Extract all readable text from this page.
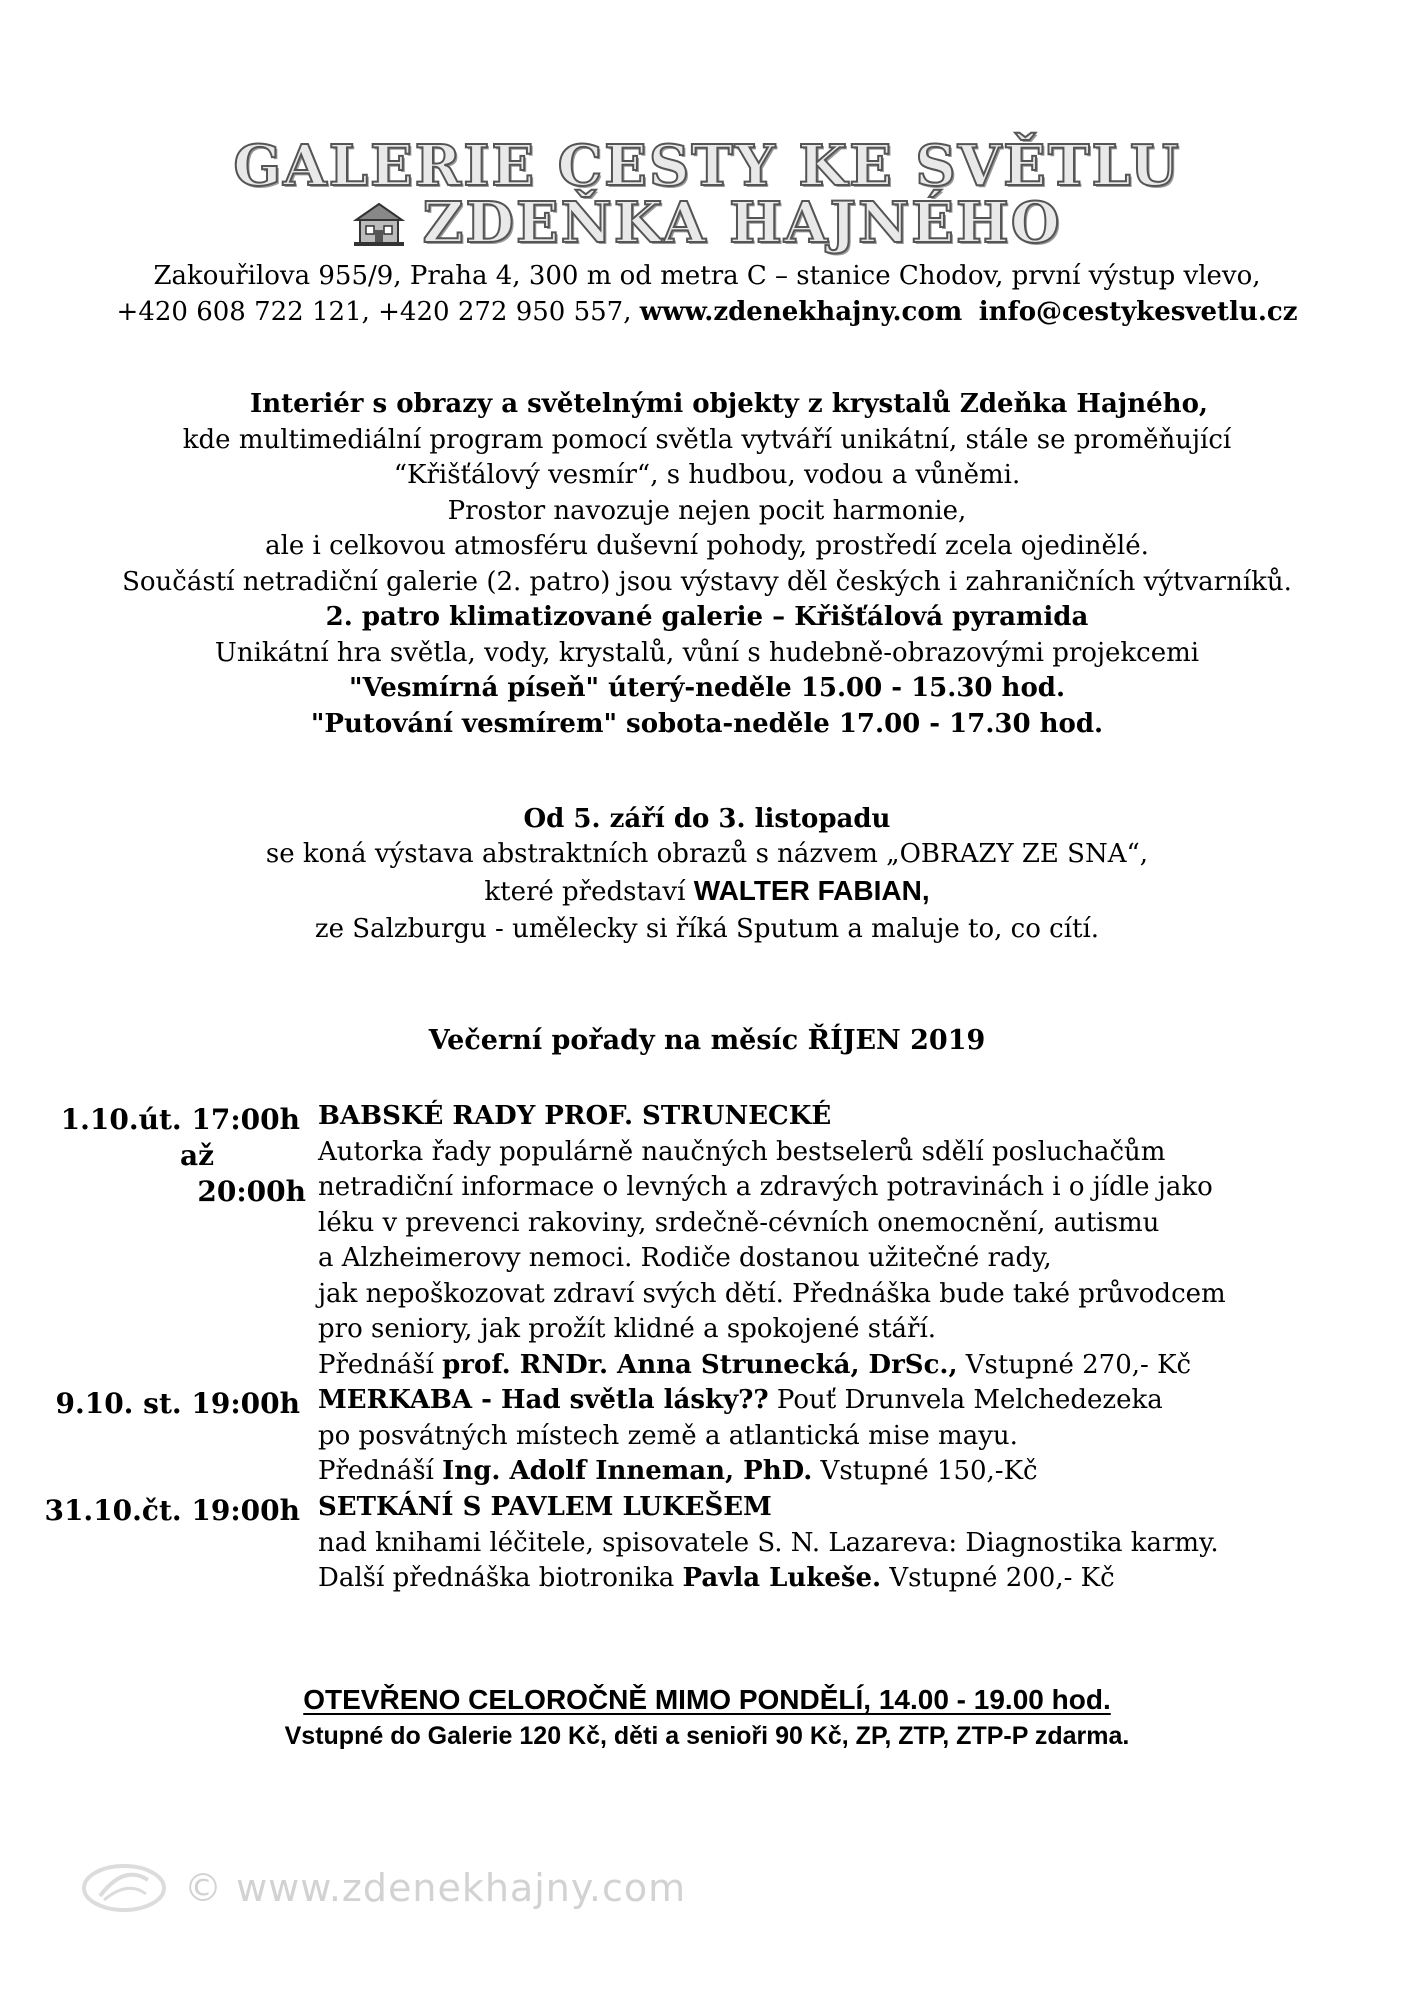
GALERIE CESTY KE SVĚTLU
ZDEŇKA HAJNÉHO
Zakouřilova 955/9, Praha 4, 300 m od metra C – stanice Chodov, první výstup vlevo,
+420 608 722 121, +420 272 950 557, www.zdenekhajny.com info@cestykesvetlu.cz
Interiér s obrazy a světelnými objekty z krystalů Zdeňka Hajného,
kde multimediální program pomocí světla vytváří unikátní, stále se proměňující
“Křišťálový vesmír“, s hudbou, vodou a vůněmi.
Prostor navozuje nejen pocit harmonie,
ale i celkovou atmosféru duševní pohody, prostředí zcela ojedinělé.
Součástí netradiční galerie (2. patro) jsou výstavy děl českých i zahraničních výtvarníků.
2. patro klimatizované galerie – Křišťálová pyramida
Unikátní hra světla, vody, krystalů, vůní s hudebně-obrazovými projekcemi
"Vesmírná píseň" úterý-neděle 15.00 - 15.30 hod.
"Putování vesmírem" sobota-neděle 17.00 - 17.30 hod.
Od 5. září do 3. listopadu
se koná výstava abstraktních obrazů s názvem „OBRAZY ZE SNA“,
které představí WALTER FABIAN,
ze Salzburgu - umělecky si říká Sputum a maluje to, co cítí.
Večerní pořady na měsíc ŘÍJEN 2019
1.10.út. 17:00h
až
20:00h
BABSKÉ RADY PROF. STRUNECKÉ
Autorka řady populárně naučných bestselerů sdělí posluchačům
netradiční informace o levných a zdravých potravinách i o jídle jako
léku v prevenci rakoviny, srdečně-cévních onemocnění, autismu
a Alzheimerovy nemoci. Rodiče dostanou užitečné rady,
jak nepoškozovat zdraví svých dětí. Přednáška bude také průvodcem
pro seniory, jak prožít klidné a spokojené stáří.
Přednáší prof. RNDr. Anna Strunecká, DrSc., Vstupné 270,- Kč
9.10. st. 19:00h MERKABA - Had světla lásky?? Pouť Drunvela Melchedezeka
po posvátných místech země a atlantická mise mayu.
Přednáší Ing. Adolf Inneman, PhD. Vstupné 150,-Kč
31.10.čt. 19:00h SETKÁNÍ S PAVLEM LUKEŠEM
nad knihami léčitele, spisovatele S. N. Lazareva: Diagnostika karmy.
Další přednáška biotronika Pavla Lukeše. Vstupné 200,- Kč
OTEVŘENO CELOROČNĚ MIMO PONDĚLÍ, 14.00 - 19.00 hod.
Vstupné do Galerie 120 Kč, děti a senioři 90 Kč, ZP, ZTP, ZTP-P zdarma.
© www.zdenekhajny.com
